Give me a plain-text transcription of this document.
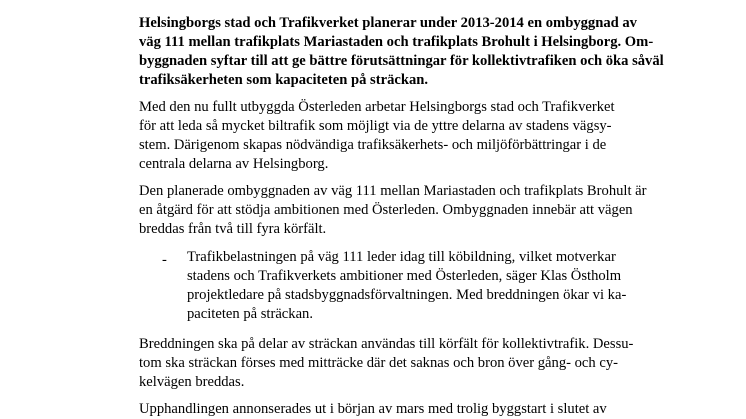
Helsingborgs stad och Trafikverket planerar under 2013-2014 en ombyggnad av
väg 111 mellan trafikplats Mariastaden och trafikplats Brohult i Helsingborg. Om-
byggnaden syftar till att ge bättre förutsättningar för kollektivtrafiken och öka såväl
trafiksäkerheten som kapaciteten på sträckan.
Med den nu fullt utbyggda Österleden arbetar Helsingborgs stad och Trafikverket
för att leda så mycket biltrafik som möjligt via de yttre delarna av stadens vägsy-
stem. Därigenom skapas nödvändiga trafiksäkerhets- och miljöförbättringar i de
centrala delarna av Helsingborg.
Den planerade ombyggnaden av väg 111 mellan Mariastaden och trafikplats Brohult är
en åtgärd för att stödja ambitionen med Österleden. Ombyggnaden innebär att vägen
breddas från två till fyra körfält.
- Trafikbelastningen på väg 111 leder idag till köbildning, vilket motverkar
stadens och Trafikverkets ambitioner med Österleden, säger Klas Östholm
projektledare på stadsbyggnadsförvaltningen. Med breddningen ökar vi ka-
paciteten på sträckan.
Breddningen ska på delar av sträckan användas till körfält för kollektivtrafik. Dessu-
tom ska sträckan förses med mitträcke där det saknas och bron över gång- och cy-
kelvägen breddas.
Upphandlingen annonserades ut i början av mars med trolig byggstart i slutet av
